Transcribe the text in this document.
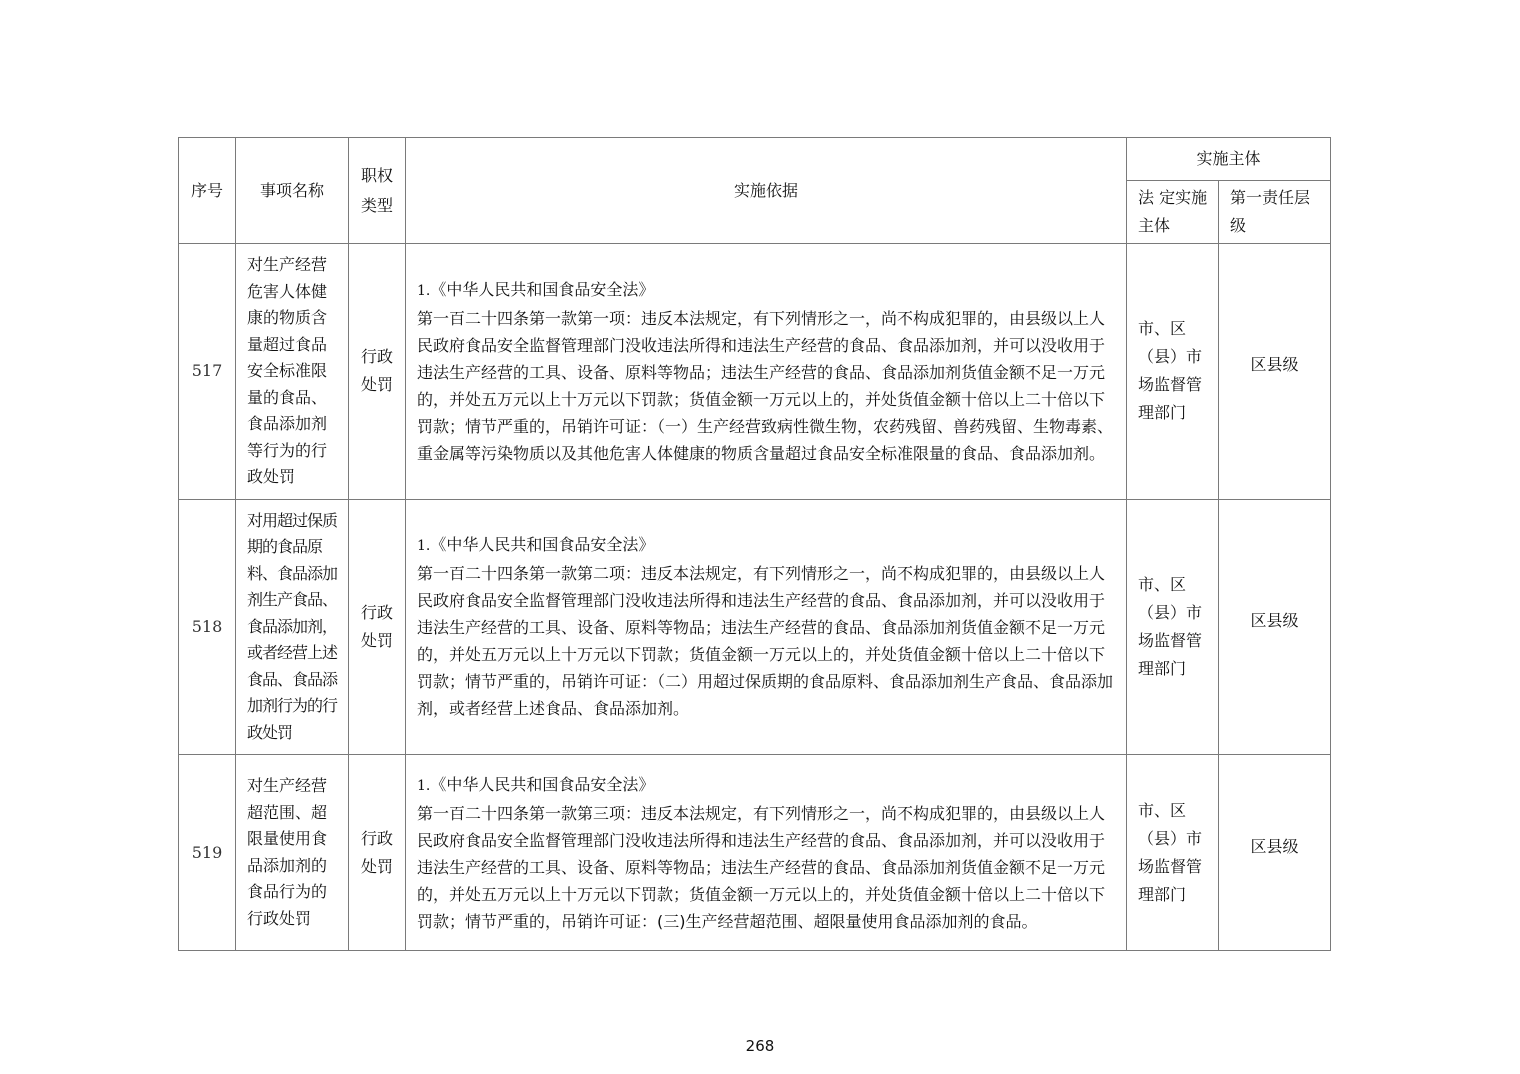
序号	事项名称	职权类型	实施依据	实施主体	
				法 定实施主体	第一责任层级
517	对生产经营危害人体健康的物质含量超过食品安全标准限量的食品、食品添加剂等行为的行政处罚	行政处罚	1.《中华人民共和国食品安全法》
第一百二十四条第一款第一项：违反本法规定，有下列情形之一，尚不构成犯罪的，由县级以上人民政府食品安全监督管理部门没收违法所得和违法生产经营的食品、食品添加剂，并可以没收用于违法生产经营的工具、设备、原料等物品；违法生产经营的食品、食品添加剂货值金额不足一万元的，并处五万元以上十万元以下罚款；货值金额一万元以上的，并处货值金额十倍以上二十倍以下罚款；情节严重的，吊销许可证：（一）生产经营致病性微生物，农药残留、兽药残留、生物毒素、重金属等污染物质以及其他危害人体健康的物质含量超过食品安全标准限量的食品、食品添加剂。	市、区（县）市场监督管理部门	区县级
518	对用超过保质期的食品原料、食品添加剂生产食品、食品添加剂，或者经营上述食品、食品添加剂行为的行政处罚	行政处罚	1.《中华人民共和国食品安全法》
第一百二十四条第一款第二项：违反本法规定，有下列情形之一，尚不构成犯罪的，由县级以上人民政府食品安全监督管理部门没收违法所得和违法生产经营的食品、食品添加剂，并可以没收用于违法生产经营的工具、设备、原料等物品；违法生产经营的食品、食品添加剂货值金额不足一万元的，并处五万元以上十万元以下罚款；货值金额一万元以上的，并处货值金额十倍以上二十倍以下罚款；情节严重的，吊销许可证：（二）用超过保质期的食品原料、食品添加剂生产食品、食品添加剂，或者经营上述食品、食品添加剂。	市、区（县）市场监督管理部门	区县级
519	对生产经营超范围、超限量使用食品添加剂的食品行为的行政处罚	行政处罚	1.《中华人民共和国食品安全法》
第一百二十四条第一款第三项：违反本法规定，有下列情形之一，尚不构成犯罪的，由县级以上人民政府食品安全监督管理部门没收违法所得和违法生产经营的食品、食品添加剂，并可以没收用于违法生产经营的工具、设备、原料等物品；违法生产经营的食品、食品添加剂货值金额不足一万元的，并处五万元以上十万元以下罚款；货值金额一万元以上的，并处货值金额十倍以上二十倍以下罚款；情节严重的，吊销许可证：(三)生产经营超范围、超限量使用食品添加剂的食品。	市、区（县）市场监督管理部门	区县级
268
